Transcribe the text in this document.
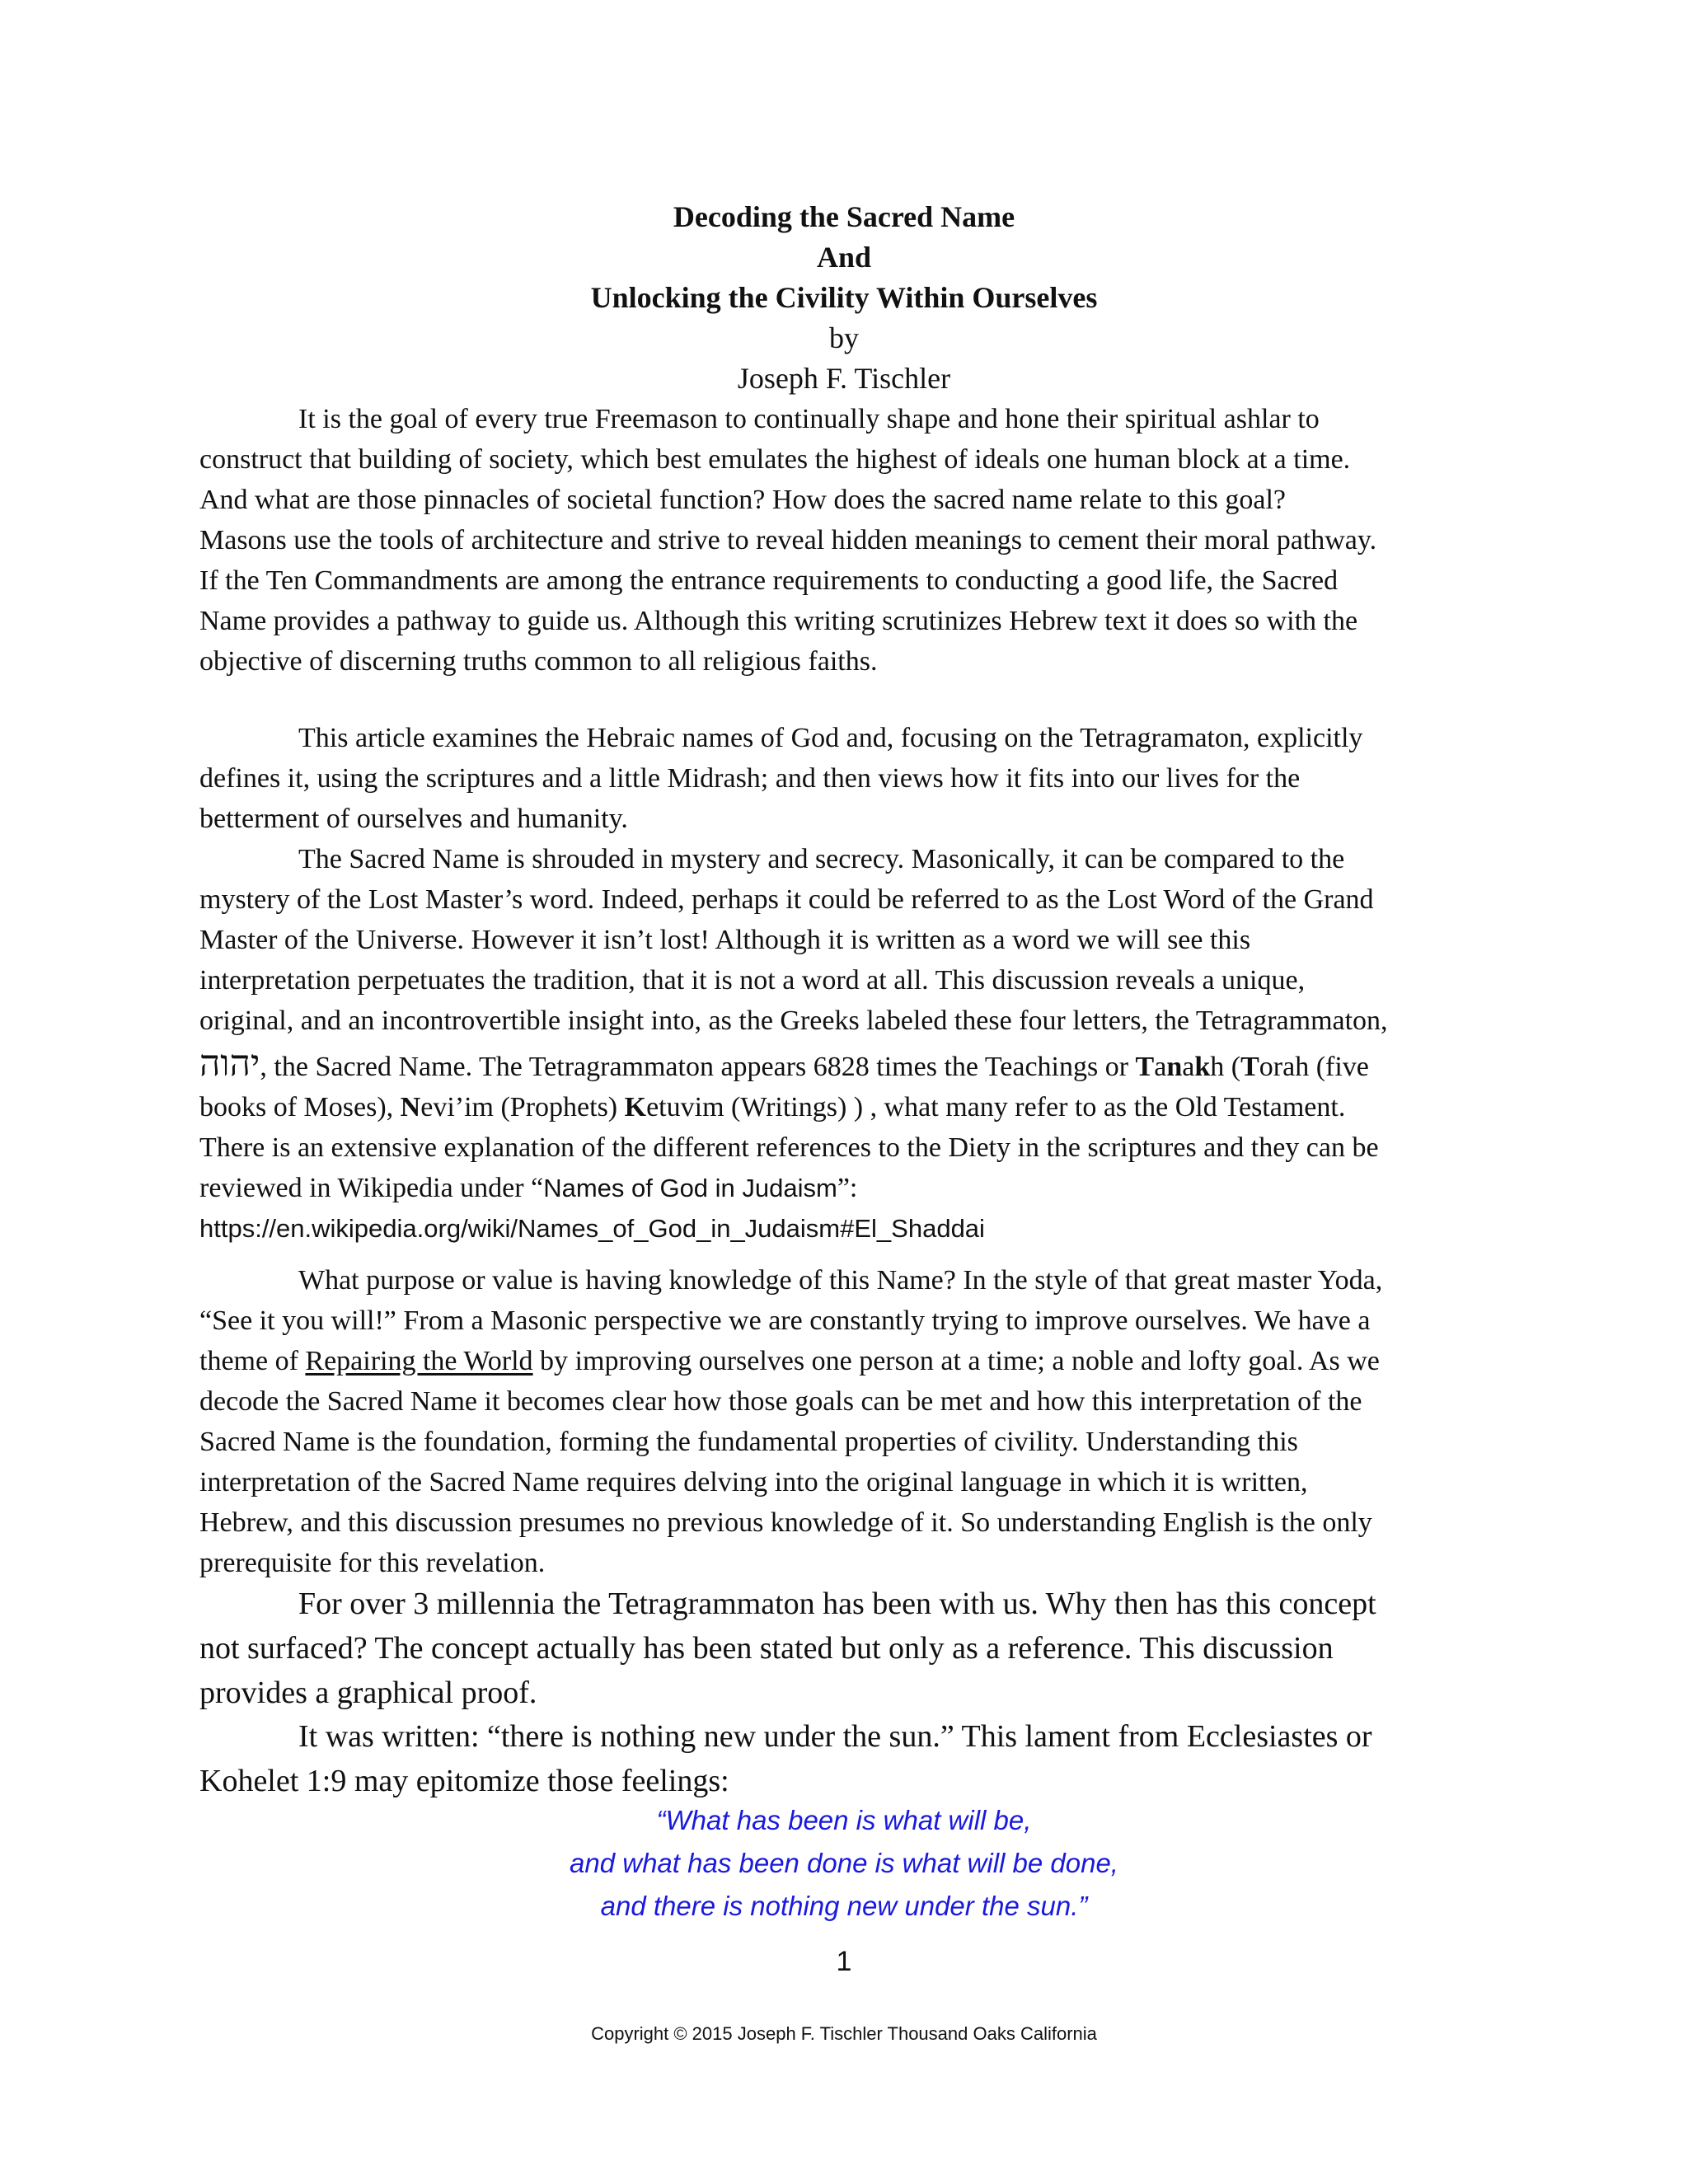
Decoding the Sacred Name
And
Unlocking the Civility Within Ourselves
by
Joseph F. Tischler
It is the goal of every true Freemason to continually shape and hone their spiritual ashlar to
construct that building of society, which best emulates the highest of ideals one human block at a time.
And what are those pinnacles of societal function? How does the sacred name relate to this goal?
Masons use the tools of architecture and strive to reveal hidden meanings to cement their moral pathway.
If the Ten Commandments are among the entrance requirements to conducting a good life, the Sacred
Name provides a pathway to guide us. Although this writing scrutinizes Hebrew text it does so with the
objective of discerning truths common to all religious faiths.
This article examines the Hebraic names of God and, focusing on the Tetragramaton, explicitly
defines it, using the scriptures and a little Midrash; and then views how it fits into our lives for the
betterment of ourselves and humanity.
The Sacred Name is shrouded in mystery and secrecy. Masonically, it can be compared to the
mystery of the Lost Master’s word. Indeed, perhaps it could be referred to as the Lost Word of the Grand
Master of the Universe. However it isn’t lost! Although it is written as a word we will see this
interpretation perpetuates the tradition, that it is not a word at all. This discussion reveals a unique,
original, and an incontrovertible insight into, as the Greeks labeled these four letters, the Tetragrammaton,
יהוה, the Sacred Name. The Tetragrammaton appears 6828 times the Teachings or Tanakh (Torah (five
books of Moses), Nevi’im (Prophets) Ketuvim (Writings) ) , what many refer to as the Old Testament.
There is an extensive explanation of the different references to the Diety in the scriptures and they can be
reviewed in Wikipedia under “Names of God in Judaism”:
https://en.wikipedia.org/wiki/Names_of_God_in_Judaism#El_Shaddai
What purpose or value is having knowledge of this Name? In the style of that great master Yoda,
“See it you will!” From a Masonic perspective we are constantly trying to improve ourselves. We have a
theme of Repairing the World by improving ourselves one person at a time; a noble and lofty goal. As we
decode the Sacred Name it becomes clear how those goals can be met and how this interpretation of the
Sacred Name is the foundation, forming the fundamental properties of civility. Understanding this
interpretation of the Sacred Name requires delving into the original language in which it is written,
Hebrew, and this discussion presumes no previous knowledge of it. So understanding English is the only
prerequisite for this revelation.
For over 3 millennia the Tetragrammaton has been with us. Why then has this concept
not surfaced? The concept actually has been stated but only as a reference. This discussion
provides a graphical proof.
It was written: “there is nothing new under the sun.” This lament from Ecclesiastes or
Kohelet 1:9 may epitomize those feelings:
“What has been is what will be,
and what has been done is what will be done,
and there is nothing new under the sun.”
1
Copyright © 2015 Joseph F. Tischler Thousand Oaks California
